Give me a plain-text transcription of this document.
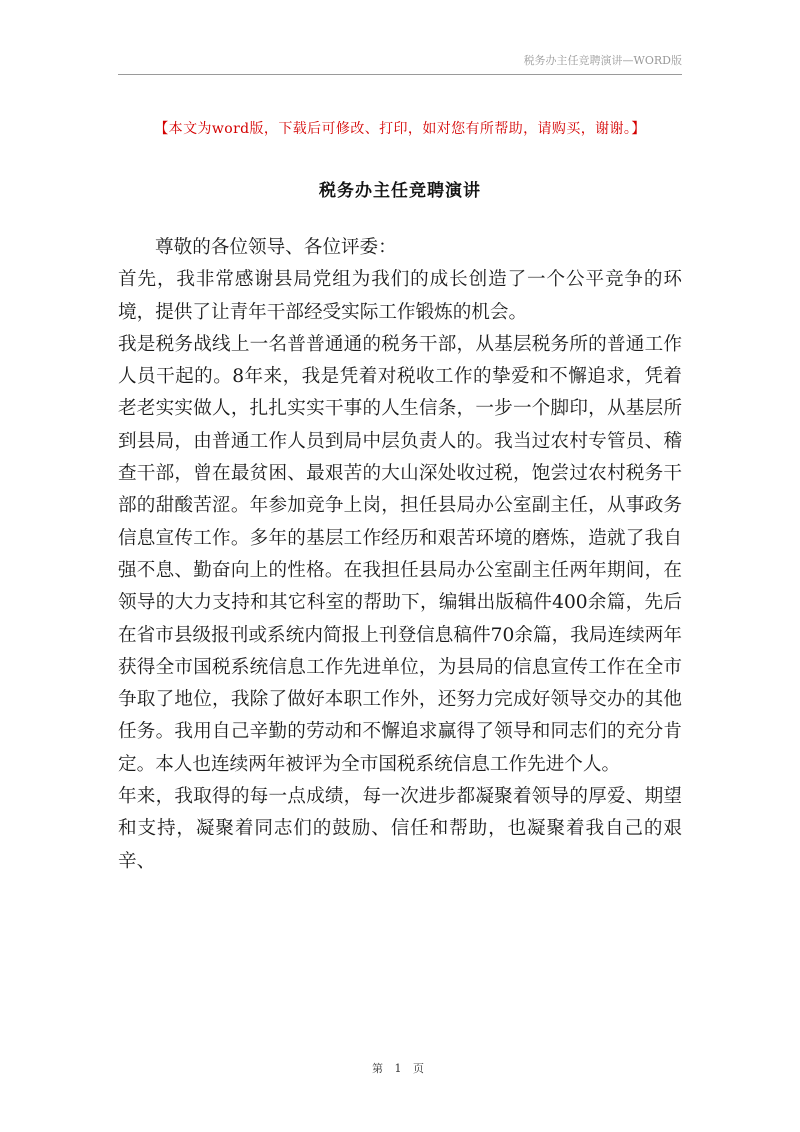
税务办主任竞聘演讲—WORD版
【本文为word版，下载后可修改、打印，如对您有所帮助，请购买，谢谢。】
税务办主任竞聘演讲

尊敬的各位领导、各位评委：

首先，我非常感谢县局党组为我们的成长创造了一个公平竞争的环境，提供了让青年干部经受实际工作锻炼的机会。

我是税务战线上一名普普通通的税务干部，从基层税务所的普通工作人员干起的。8年来，我是凭着对税收工作的挚爱和不懈追求，凭着老老实实做人，扎扎实实干事的人生信条，一步一个脚印，从基层所到县局，由普通工作人员到局中层负责人的。我当过农村专管员、稽查干部，曾在最贫困、最艰苦的大山深处收过税，饱尝过农村税务干部的甜酸苦涩。年参加竞争上岗，担任县局办公室副主任，从事政务信息宣传工作。多年的基层工作经历和艰苦环境的磨炼，造就了我自强不息、勤奋向上的性格。在我担任县局办公室副主任两年期间，在领导的大力支持和其它科室的帮助下，编辑出版稿件400余篇，先后在省市县级报刊或系统内简报上刊登信息稿件70余篇，我局连续两年获得全市国税系统信息工作先进单位，为县局的信息宣传工作在全市争取了地位，我除了做好本职工作外，还努力完成好领导交办的其他任务。我用自己辛勤的劳动和不懈追求赢得了领导和同志们的充分肯定。本人也连续两年被评为全市国税系统信息工作先进个人。

年来，我取得的每一点成绩，每一次进步都凝聚着领导的厚爱、期望和支持，凝聚着同志们的鼓励、信任和帮助，也凝聚着我自己的艰辛、

第 1 页
